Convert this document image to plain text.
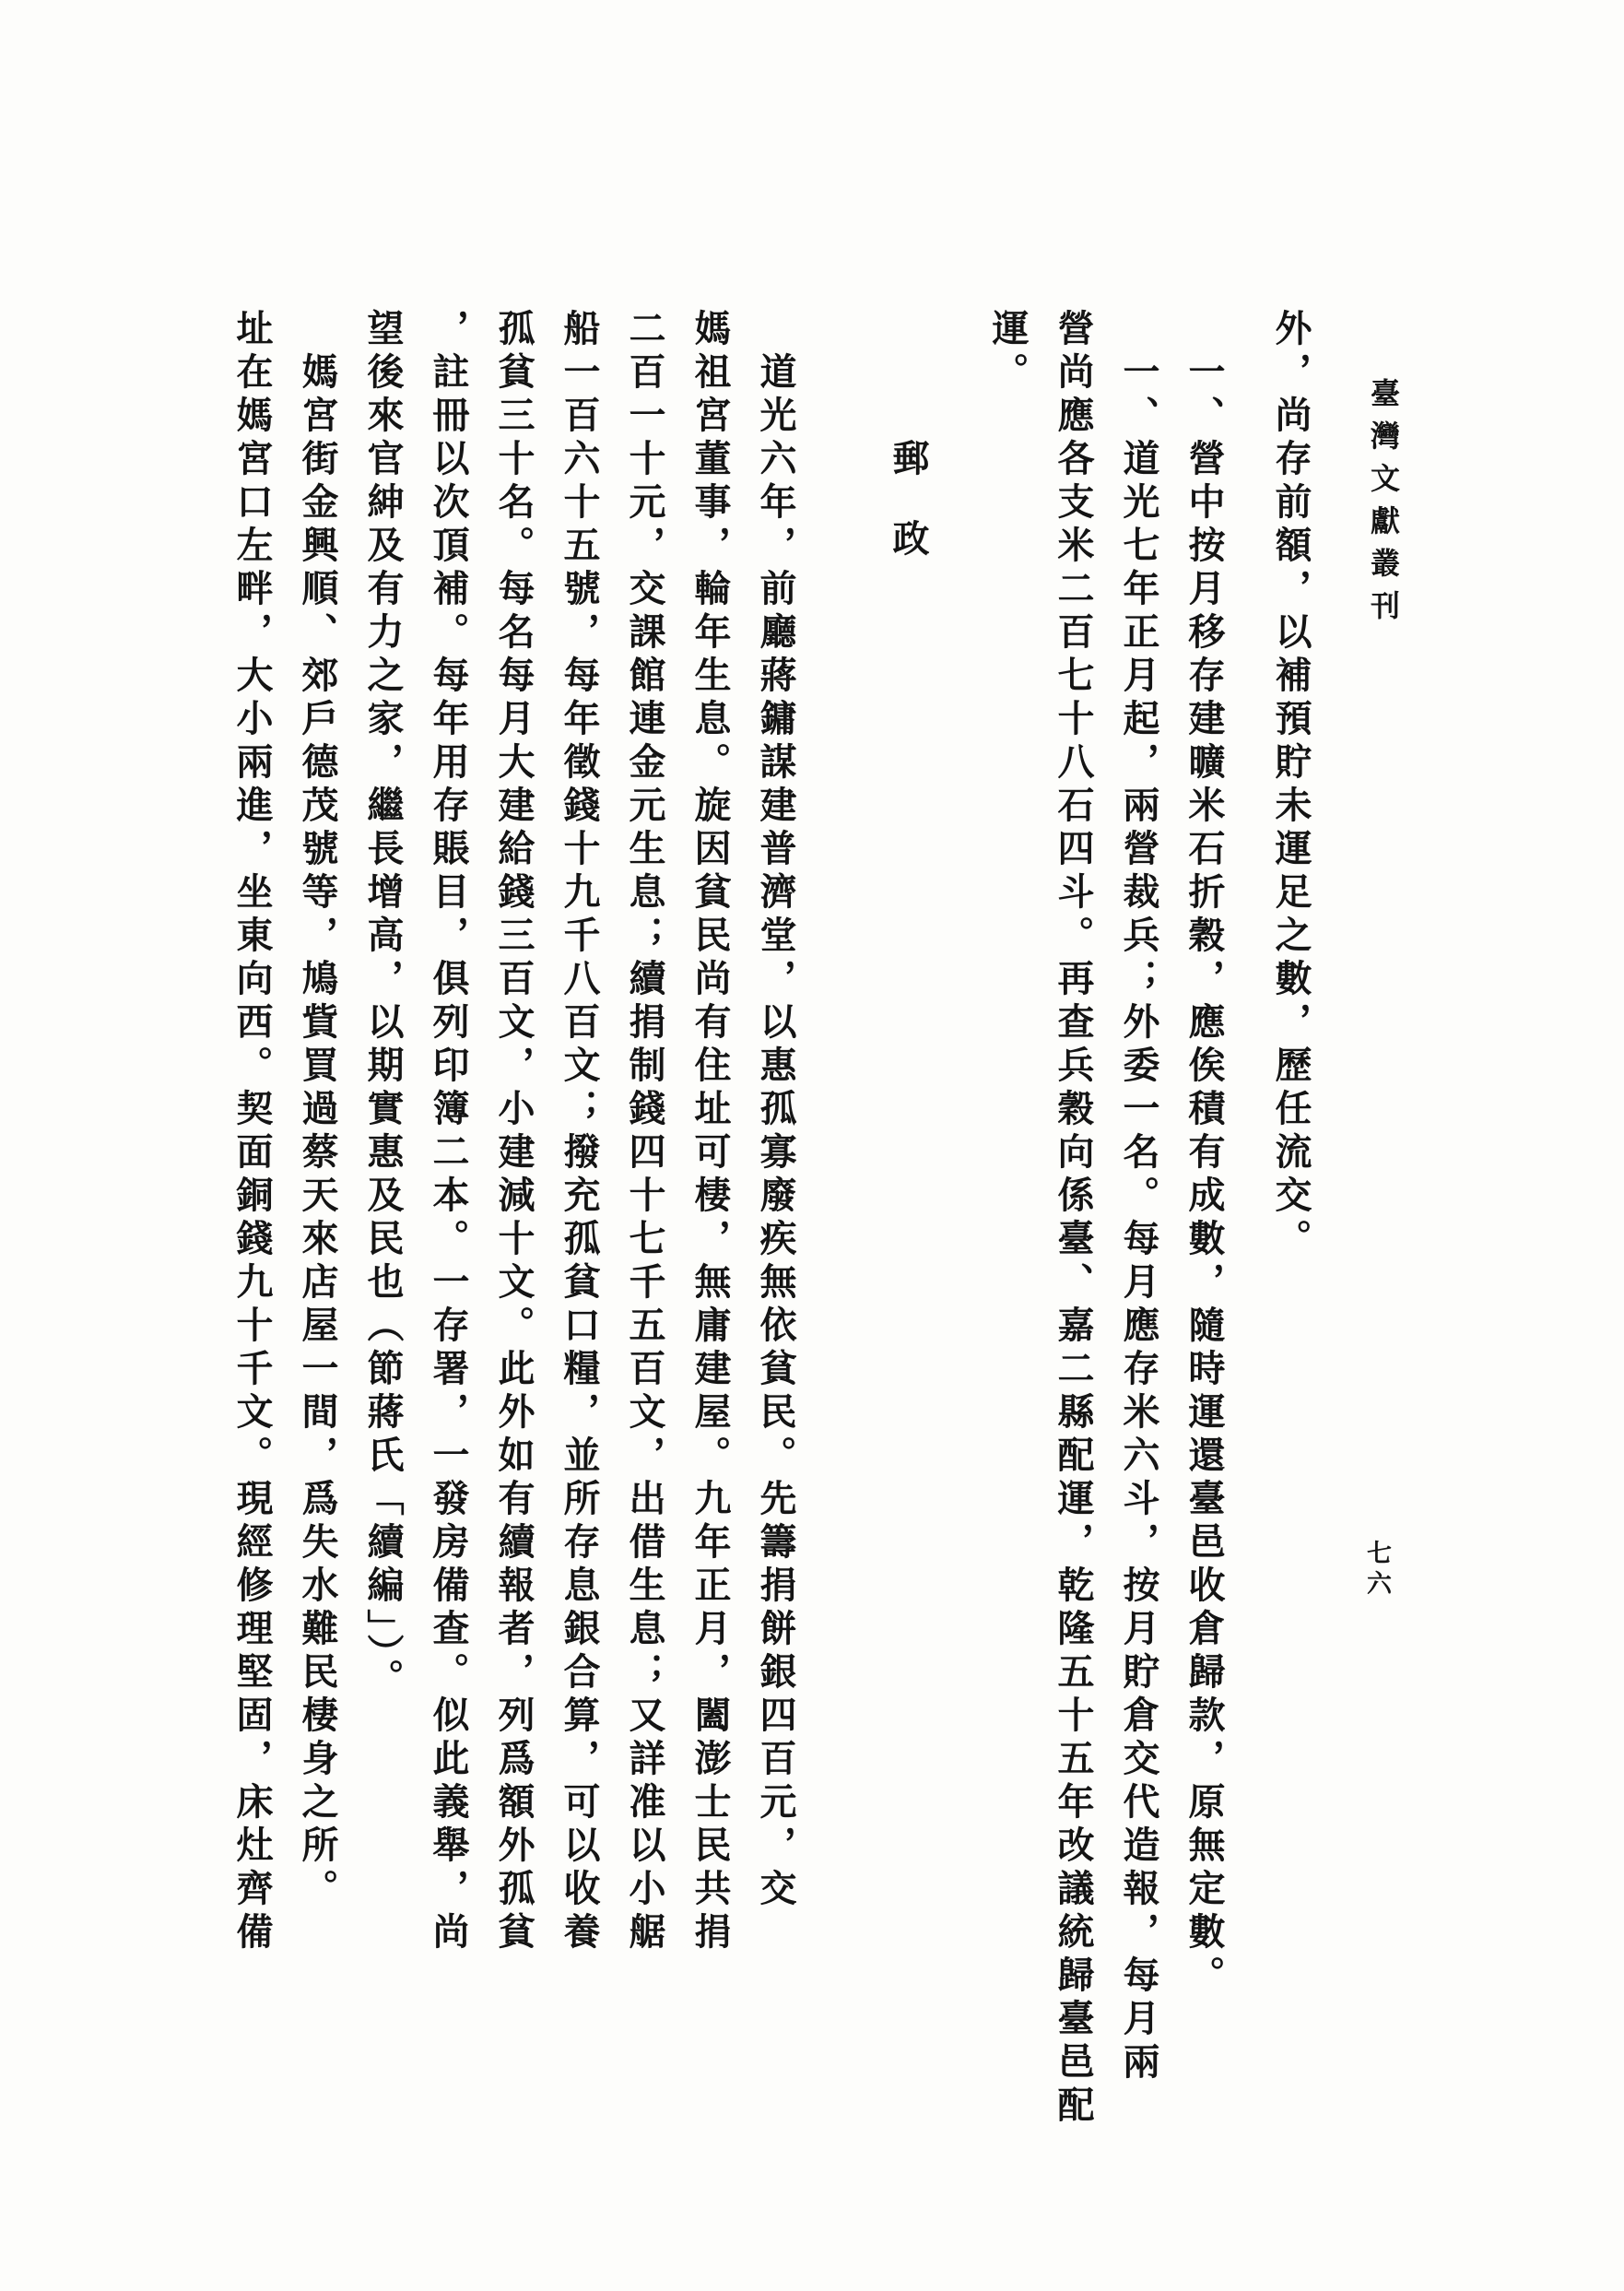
臺灣文獻叢刊
七六
外，尚存前額，以補預貯未運足之數，歷任流交。
一、營中按月移存建曠米石折穀，應俟積有成數，隨時運還臺邑收倉歸款，原無定數。
一、道光七年正月起，兩營裁兵；外委一名。每月應存米六斗，按月貯倉交代造報，每月兩
營尚應各支米二百七十八石四斗。再查兵穀向係臺、嘉二縣配運，乾隆五十五年改議統歸臺邑配
運。
郵政
道光六年，前廳蔣鏞謀建普濟堂，以惠孤寡廢疾無依貧民。先籌捐餅銀四百元，交
媽祖宮董事，輪年生息。旋因貧民尚有住址可棲，無庸建屋。九年正月，闔澎士民共捐
二百一十元，交課館連金元生息；續捐制錢四十七千五百文，出借生息；又詳准以小艍
船一百六十五號，每年徵錢十九千八百文；撥充孤貧口糧，並所存息銀合算，可以收養
孤貧三十名。每名每月大建給錢三百文，小建減十文。此外如有續報者，列爲額外孤貧
，註冊以次頂補。每年用存賬目，俱列印簿二本。一存署，一發房備查。似此義舉，尚
望後來官紳及有力之家，繼長增高，以期實惠及民也（節蔣氏「續編」）。
媽宮街金興順、郊戶德茂號等，鳩貲買過蔡天來店屋一間，爲失水難民棲身之所。
址在媽宮口左畔，大小兩進，坐東向西。契面銅錢九十千文。現經修理堅固，床灶齊備
